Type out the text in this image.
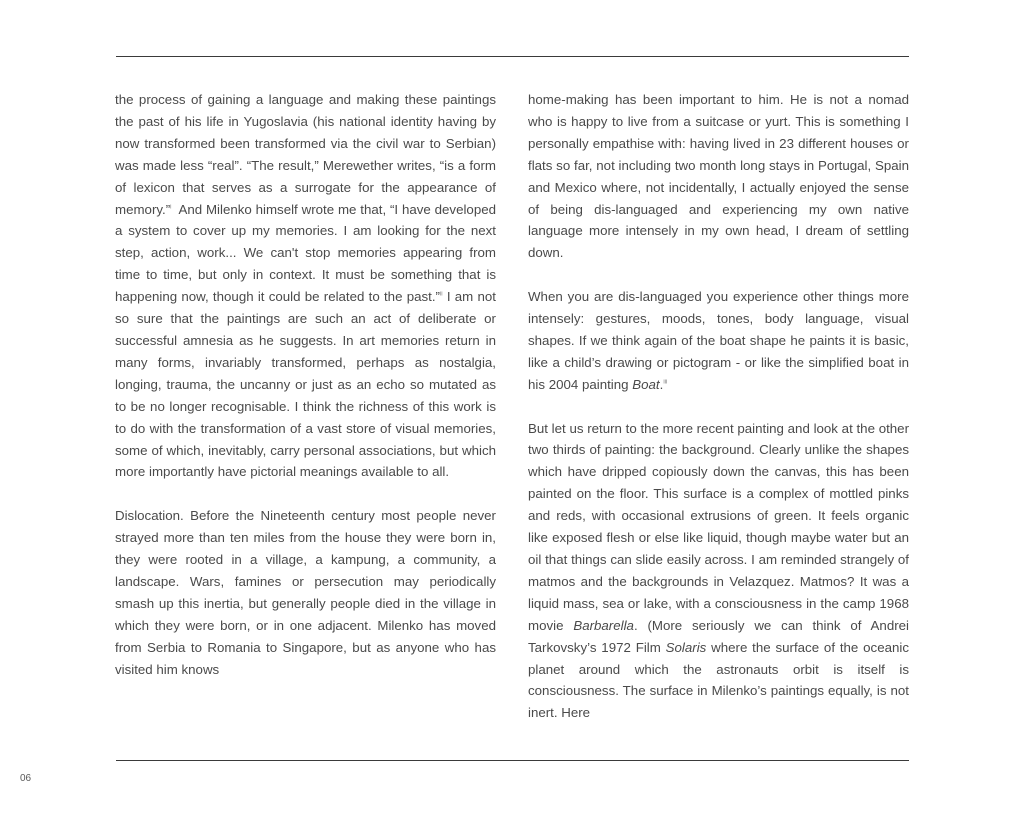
the process of gaining a language and making these paintings the past of his life in Yugoslavia (his national identity having by now transformed been transformed via the civil war to Serbian) was made less “real”. “The result,” Merewether writes, “is a form of lexicon that serves as a surrogate for the appearance of memory.”$^i$ And Milenko himself wrote me that, “I have developed a system to cover up my memories. I am looking for the next step, action, work... We can't stop memories appearing from time to time, but only in context. It must be something that is happening now, though it could be related to the past.”$^{ii}$ I am not so sure that the paintings are such an act of deliberate or successful amnesia as he suggests. In art memories return in many forms, invariably transformed, perhaps as nostalgia, longing, trauma, the uncanny or just as an echo so mutated as to be no longer recognisable. I think the richness of this work is to do with the transformation of a vast store of visual memories, some of which, inevitably, carry personal associations, but which more importantly have pictorial meanings available to all.

Dislocation. Before the Nineteenth century most people never strayed more than ten miles from the house they were born in, they were rooted in a village, a kampung, a community, a landscape. Wars, famines or persecution may periodically smash up this inertia, but generally people died in the village in which they were born, or in one adjacent. Milenko has moved from Serbia to Romania to Singapore, but as anyone who has visited him knows

home-making has been important to him. He is not a nomad who is happy to live from a suitcase or yurt. This is something I personally empathise with: having lived in 23 different houses or flats so far, not including two month long stays in Portugal, Spain and Mexico where, not incidentally, I actually enjoyed the sense of being dis-languaged and experiencing my own native language more intensely in my own head, I dream of settling down.

When you are dis-languaged you experience other things more intensely: gestures, moods, tones, body language, visual shapes. If we think again of the boat shape he paints it is basic, like a child’s drawing or pictogram - or like the simplified boat in his 2004 painting Boat.$^{iii}$

But let us return to the more recent painting and look at the other two thirds of painting: the background. Clearly unlike the shapes which have dripped copiously down the canvas, this has been painted on the floor. This surface is a complex of mottled pinks and reds, with occasional extrusions of green. It feels organic like exposed flesh or else like liquid, though maybe water but an oil that things can slide easily across. I am reminded strangely of matmos and the backgrounds in Velazquez. Matmos? It was a liquid mass, sea or lake, with a consciousness in the camp 1968 movie Barbarella. (More seriously we can think of Andrei Tarkovsky’s 1972 Film Solaris where the surface of the oceanic planet around which the astronauts orbit is itself is consciousness. The surface in Milenko’s paintings equally, is not inert. Here

06
